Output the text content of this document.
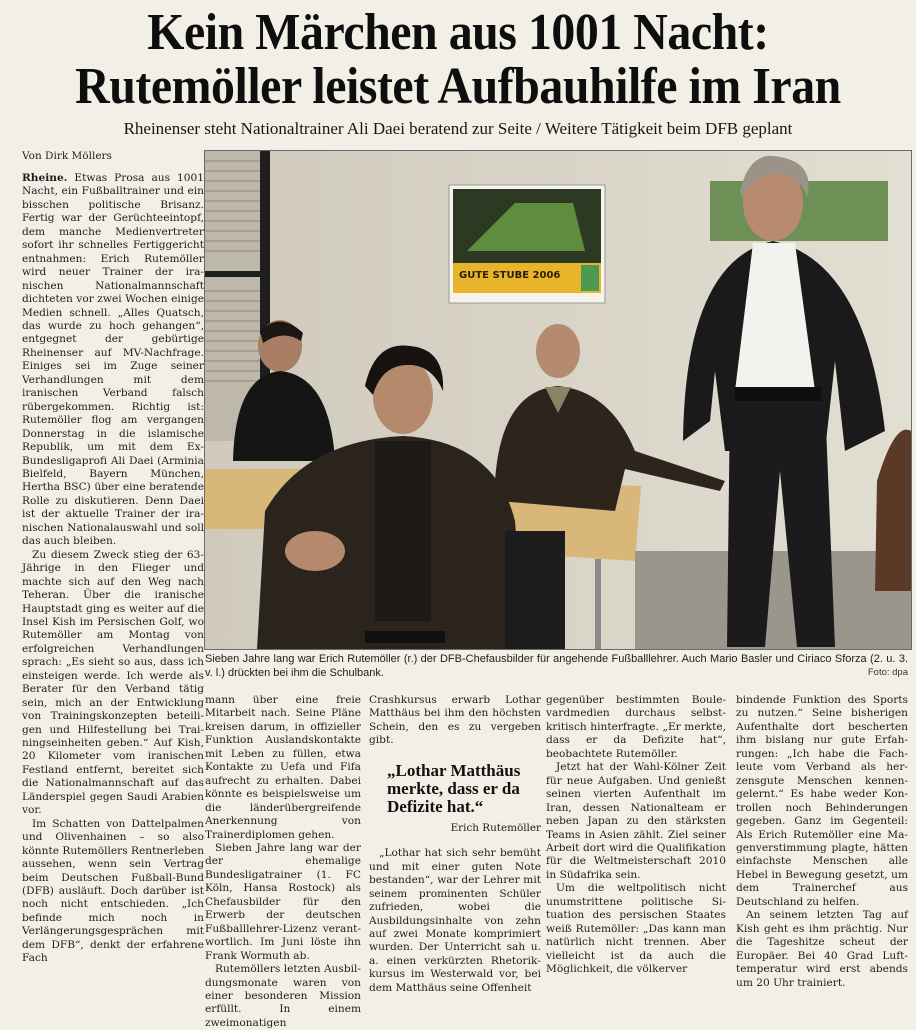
Kein Märchen aus 1001 Nacht:
Rutemöller leistet Aufbauhilfe im Iran
Rheinenser steht Nationaltrainer Ali Daei beratend zur Seite / Weitere Tätigkeit beim DFB geplant
Von Dirk Möllers

Rheine. Etwas Prosa aus 1001 Nacht, ein Fußballtrainer und ein bisschen politische Brisanz. Fertig war der Gerüchteeintopf, dem manche Medienvertreter sofort ihr schnelles Fertiggericht entnahmen: Erich Rutemöller wird neuer Trainer der iranischen Nationalmannschaft dichteten vor zwei Wochen einige Medien schnell. „Alles Quatsch, das wurde zu hoch gehangen“, entgegnet der gebürtige Rheinenser auf MV-Nachfrage. Einiges sei im Zuge seiner Verhandlungen mit dem iranischen Verband falsch rübergekommen. Richtig ist: Rutemöller flog am vergangen Donnerstag in die islamische Republik, um mit dem Ex-Bundesligaprofi Ali Daei (Arminia Bielfeld, Bayern München, Hertha BSC) über eine beratende Rolle zu diskutieren. Denn Daei ist der aktuelle Trainer der iranischen Nationalauswahl und soll das auch bleiben.

Zu diesem Zweck stieg der 63-Jährige in den Flieger und machte sich auf den Weg nach Teheran. Über die iranische Hauptstadt ging es weiter auf die Insel Kish im Persischen Golf, wo Rutemöller am Montag von erfolgreichen Verhandlungen sprach: „Es sieht so aus, dass ich einsteigen werde. Ich werde als Berater für den Verband tätig sein, mich an der Entwicklung von Trainingskonzepten beteiligen und Hilfestellung bei Trainingseinheiten geben.“ Auf Kish, 20 Kilometer vom iranischen Festland entfernt, bereitet sich die Nationalmannschaft auf das Länderspiel gegen Saudi Arabien vor.

Im Schatten von Dattelpalmen und Olivenhainen – so also könnte Rutemöllers Rentnerleben aussehen, wenn sein Vertrag beim Deutschen Fußball-Bund (DFB) ausläuft. Doch darüber ist noch nicht entschieden. „Ich befinde mich noch in Verlängerungsgesprächen mit dem DFB“, denkt der erfahrene Fach

GUTE STUBE 2006
Sieben Jahre lang war Erich Rutemöller (r.) der DFB-Chefausbilder für angehende Fußballlehrer. Auch Mario Basler und Ciriaco Sforza (2. u. 3. v. l.) drückten bei ihm die Schulbank.	Foto: dpa

mann über eine freie Mitarbeit nach. Seine Pläne kreisen darum, in offizieller Funktion Auslandskontakte mit Leben zu füllen, etwa Kontakte zu Uefa und Fifa aufrecht zu erhalten. Dabei könnte es beispielsweise um die länderübergreifende Anerkennung von Trainerdiplomen gehen.

Sieben Jahre lang war der der ehemalige Bundesligatrainer (1. FC Köln, Hansa Rostock) als Chefausbilder für den Erwerb der deutschen Fußballlehrer-Lizenz verantwortlich. Im Juni löste ihn Frank Wormuth ab.

Rutemöllers letzten Ausbildungsmonate waren von einer besonderen Mission erfüllt. In einem zweimonatigen

Crashkursus erwarb Lothar Matthäus bei ihm den höchsten Schein, den es zu vergeben gibt.

„Lothar Matthäus merkte, dass er da Defizite hat.“
Erich Rutemöller

„Lothar hat sich sehr bemüht und mit einer guten Note bestanden“, war der Lehrer mit seinem prominenten Schüler zufrieden, wobei die Ausbildungsinhalte von zehn auf zwei Monate komprimiert wurden. Der Unterricht sah u. a. einen verkürzten Rhetorikkursus im Westerwald vor, bei dem Matthäus seine Offenheit

gegenüber bestimmten Boulevardmedien durchaus selbstkritisch hinterfragte. „Er merkte, dass er da Defizite hat“, beobachtete Rutemöller.

Jetzt hat der Wahl-Kölner Zeit für neue Aufgaben. Und genießt seinen vierten Aufenthalt im Iran, dessen Nationalteam er neben Japan zu den stärksten Teams in Asien zählt. Ziel seiner Arbeit dort wird die Qualifikation für die Weltmeisterschaft 2010 in Südafrika sein.

Um die weltpolitisch nicht unumstrittene politische Situation des persischen Staates weiß Rutemöller: „Das kann man natürlich nicht trennen. Aber vielleicht ist da auch die Möglichkeit, die völkerver

bindende Funktion des Sports zu nutzen.“ Seine bisherigen Aufenthalte dort bescherten ihm bislang nur gute Erfahrungen: „Ich habe die Fachleute vom Verband als herzensgute Menschen kennengelernt.“ Es habe weder Kontrollen noch Behinderungen gegeben. Ganz im Gegenteil: Als Erich Rutemöller eine Magenverstimmung plagte, hätten einfachste Menschen alle Hebel in Bewegung gesetzt, um dem Trainerchef aus Deutschland zu helfen.

An seinem letzten Tag auf Kish geht es ihm prächtig. Nur die Tageshitze scheut der Europäer. Bei 40 Grad Lufttemperatur wird erst abends um 20 Uhr trainiert.
